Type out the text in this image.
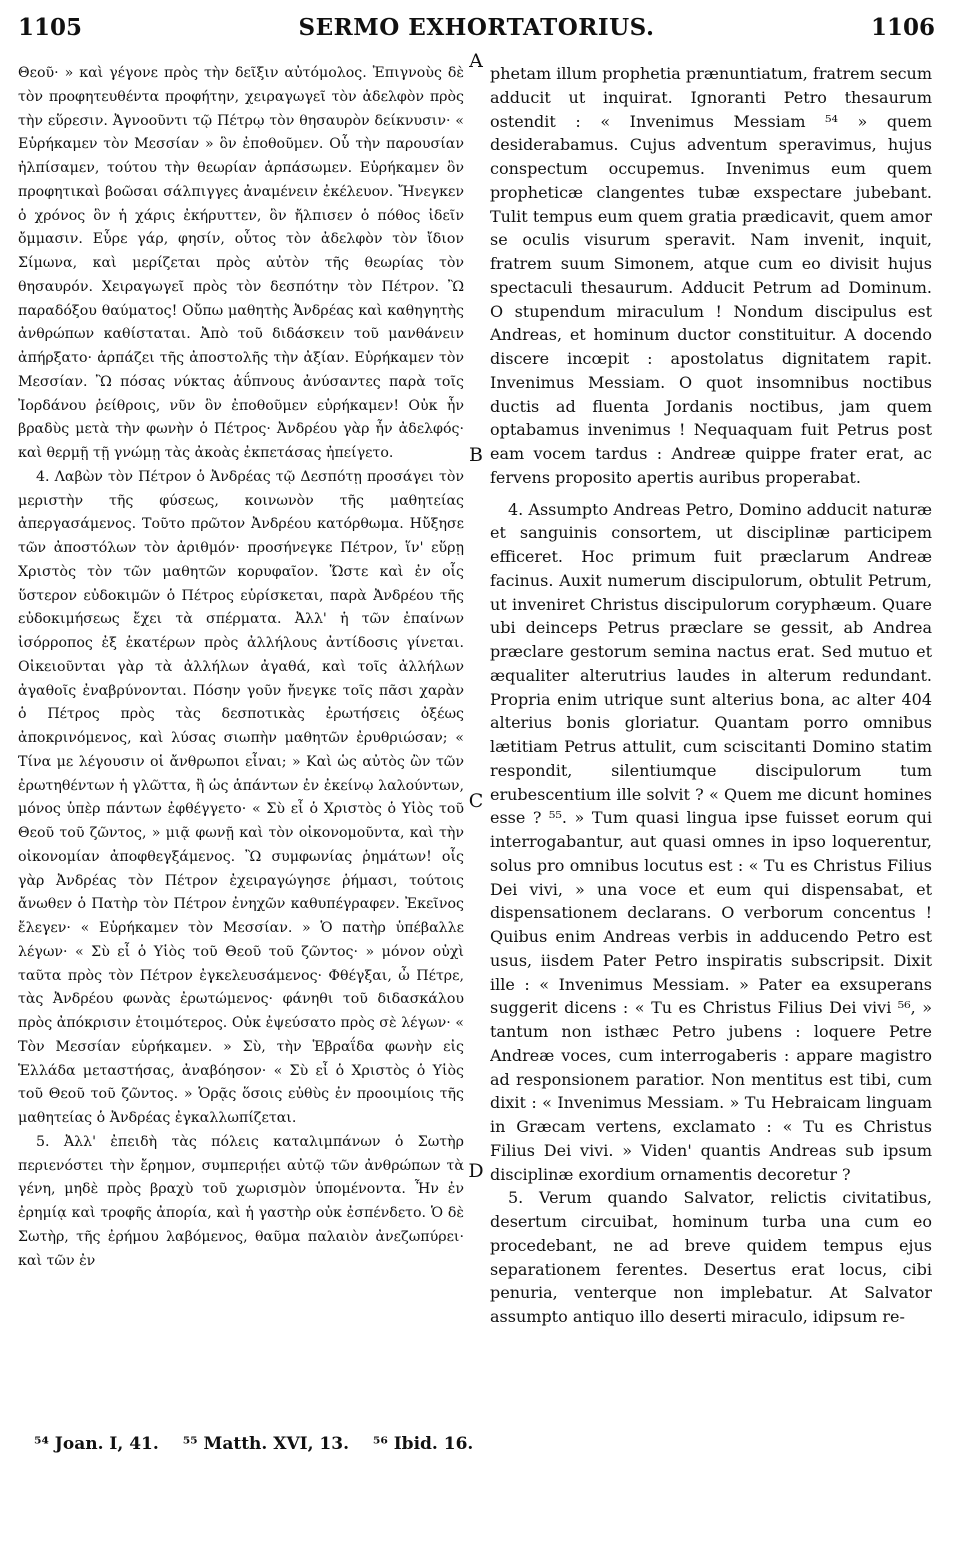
1105	SERMO EXHORTATORIUS.	1106

Θεοῦ· » καὶ γέγονε πρὸς τὴν δεῖξιν αὐτόμολος. Ἐπιγνοὺς δὲ τὸν προφητευθέντα προφήτην, χειραγωγεῖ τὸν ἀδελφὸν πρὸς τὴν εὕρεσιν. Ἀγνοοῦντι τῷ Πέτρῳ τὸν θησαυρὸν δείκνυσιν· « Εὑρήκαμεν τὸν Μεσσίαν » ὃν ἐποθοῦμεν. Οὗ τὴν παρουσίαν ἠλπίσαμεν, τούτου τὴν θεωρίαν ἁρπάσωμεν. Εὑρήκαμεν ὃν προφητικαὶ βοῶσαι σάλπιγγες ἀναμένειν ἐκέλευον. Ἤνεγκεν ὁ χρόνος ὃν ἡ χάρις ἐκήρυττεν, ὃν ἤλπισεν ὁ πόθος ἰδεῖν ὄμμασιν. Εὗρε γάρ, φησίν, οὗτος τὸν ἀδελφὸν τὸν ἴδιον Σίμωνα, καὶ μερίζεται πρὸς αὐτὸν τῆς θεωρίας τὸν θησαυρόν. Χειραγωγεῖ πρὸς τὸν δεσπότην τὸν Πέτρον. Ὢ παραδόξου θαύματος! Οὔπω μαθητὴς Ἀνδρέας καὶ καθηγητὴς ἀνθρώπων καθίσταται. Ἀπὸ τοῦ διδάσκειν τοῦ μανθάνειν ἀπήρξατο· ἁρπάζει τῆς ἀποστολῆς τὴν ἀξίαν. Εὑρήκαμεν τὸν Μεσσίαν. Ὢ πόσας νύκτας ἀΰπνους ἀνύσαντες παρὰ τοῖς Ἰορδάνου ῥείθροις, νῦν ὃν ἐποθοῦμεν εὑρήκαμεν! Οὐκ ἦν βραδὺς μετὰ τὴν φωνὴν ὁ Πέτρος· Ἀνδρέου γὰρ ἦν ἀδελφός· καὶ θερμῇ τῇ γνώμῃ τὰς ἀκοὰς ἐκπετάσας ἠπείγετο.

4. Λαβὼν τὸν Πέτρον ὁ Ἀνδρέας τῷ Δεσπότῃ προσάγει τὸν μεριστὴν τῆς φύσεως, κοινωνὸν τῆς μαθητείας ἀπεργασάμενος. Τοῦτο πρῶτον Ἀνδρέου κατόρθωμα. Ηὔξησε τῶν ἀποστόλων τὸν ἀριθμόν· προσήνεγκε Πέτρον, ἵν' εὕρῃ Χριστὸς τὸν τῶν μαθητῶν κορυφαῖον. Ὥστε καὶ ἐν οἷς ὕστερον εὐδοκιμῶν ὁ Πέτρος εὑρίσκεται, παρὰ Ἀνδρέου τῆς εὐδοκιμήσεως ἔχει τὰ σπέρματα. Ἀλλ' ἡ τῶν ἐπαίνων ἰσόρροπος ἐξ ἑκατέρων πρὸς ἀλλήλους ἀντίδοσις γίνεται. Οἰκειοῦνται γὰρ τὰ ἀλλήλων ἀγαθά, καὶ τοῖς ἀλλήλων ἀγαθοῖς ἐναβρύνονται. Πόσην γοῦν ἤνεγκε τοῖς πᾶσι χαρὰν ὁ Πέτρος πρὸς τὰς δεσποτικὰς ἐρωτήσεις ὀξέως ἀποκρινόμενος, καὶ λύσας σιωπὴν μαθητῶν ἐρυθριώσαν; « Τίνα με λέγουσιν οἱ ἄνθρωποι εἶναι; » Καὶ ὡς αὐτὸς ὢν τῶν ἐρωτηθέντων ἡ γλῶττα, ἢ ὡς ἁπάντων ἐν ἐκείνῳ λαλούντων, μόνος ὑπὲρ πάντων ἐφθέγγετο· « Σὺ εἶ ὁ Χριστὸς ὁ Υἱὸς τοῦ Θεοῦ τοῦ ζῶντος, » μιᾷ φωνῇ καὶ τὸν οἰκονομοῦντα, καὶ τὴν οἰκονομίαν ἀποφθεγξάμενος. Ὢ συμφωνίας ῥημάτων! οἷς γὰρ Ἀνδρέας τὸν Πέτρον ἐχειραγώγησε ῥήμασι, τούτοις ἄνωθεν ὁ Πατὴρ τὸν Πέτρον ἐνηχῶν καθυπέγραφεν. Ἐκεῖνος ἔλεγεν· « Εὑρήκαμεν τὸν Μεσσίαν. » Ὁ πατὴρ ὑπέβαλλε λέγων· « Σὺ εἶ ὁ Υἱὸς τοῦ Θεοῦ τοῦ ζῶντος· » μόνον οὐχὶ ταῦτα πρὸς τὸν Πέτρον ἐγκελευσάμενος· Φθέγξαι, ὦ Πέτρε, τὰς Ἀνδρέου φωνὰς ἐρωτώμενος· φάνηθι τοῦ διδασκάλου πρὸς ἀπόκρισιν ἑτοιμότερος. Οὐκ ἐψεύσατο πρὸς σὲ λέγων· « Τὸν Μεσσίαν εὑρήκαμεν. » Σὺ, τὴν Ἑβραΐδα φωνὴν εἰς Ἑλλάδα μεταστήσας, ἀναβόησον· « Σὺ εἶ ὁ Χριστὸς ὁ Υἱὸς τοῦ Θεοῦ τοῦ ζῶντος. » Ὁρᾷς ὅσοις εὐθὺς ἐν προοιμίοις τῆς μαθητείας ὁ Ἀνδρέας ἐγκαλλωπίζεται.

5. Ἀλλ' ἐπειδὴ τὰς πόλεις καταλιμπάνων ὁ Σωτὴρ περιενόστει τὴν ἔρημον, συμπεριῄει αὐτῷ τῶν ἀνθρώπων τὰ γένη, μηδὲ πρὸς βραχὺ τοῦ χωρισμὸν ὑπομένοντα. Ἦν ἐν ἐρημίᾳ καὶ τροφῆς ἀπορία, καὶ ἡ γαστὴρ οὐκ ἐσπένδετο. Ὁ δὲ Σωτὴρ, τῆς ἐρήμου λαβόμενος, θαῦμα παλαιὸν ἀνεζωπύρει· καὶ τῶν ἐν

A
B
C
D

phetam illum prophetia prænuntiatum, fratrem secum adducit ut inquirat. Ignoranti Petro thesaurum ostendit : « Invenimus Messiam ⁵⁴ » quem desiderabamus. Cujus adventum speravimus, hujus conspectum occupemus. Invenimus eum quem propheticæ clangentes tubæ exspectare jubebant. Tulit tempus eum quem gratia prædicavit, quem amor se oculis visurum speravit. Nam invenit, inquit, fratrem suum Simonem, atque cum eo divisit hujus spectaculi thesaurum. Adducit Petrum ad Dominum. O stupendum miraculum ! Nondum discipulus est Andreas, et hominum ductor constituitur. A docendo discere incœpit : apostolatus dignitatem rapit. Invenimus Messiam. O quot insomnibus noctibus ductis ad fluenta Jordanis noctibus, jam quem optabamus invenimus ! Nequaquam fuit Petrus post eam vocem tardus : Andreæ quippe frater erat, ac fervens proposito apertis auribus properabat.

4. Assumpto Andreas Petro, Domino adducit naturæ et sanguinis consortem, ut disciplinæ participem efficeret. Hoc primum fuit præclarum Andreæ facinus. Auxit numerum discipulorum, obtulit Petrum, ut inveniret Christus discipulorum coryphæum. Quare ubi deinceps Petrus præclare se gessit, ab Andrea præclare gestorum semina nactus erat. Sed mutuo et æqualiter alterutrius laudes in alterum redundant. Propria enim utrique sunt alterius bona, ac alter 404 alterius bonis gloriatur. Quantam porro omnibus lætitiam Petrus attulit, cum sciscitanti Domino statim respondit, silentiumque discipulorum tum erubescentium ille solvit ? « Quem me dicunt homines esse ? ⁵⁵. » Tum quasi lingua ipse fuisset eorum qui interrogabantur, aut quasi omnes in ipso loquerentur, solus pro omnibus locutus est : « Tu es Christus Filius Dei vivi, » una voce et eum qui dispensabat, et dispensationem declarans. O verborum concentus ! Quibus enim Andreas verbis in adducendo Petro est usus, iisdem Pater Petro inspiratis subscripsit. Dixit ille : « Invenimus Messiam. » Pater ea exsuperans suggerit dicens : « Tu es Christus Filius Dei vivi ⁵⁶, » tantum non isthæc Petro jubens : loquere Petre Andreæ voces, cum interrogaberis : appare magistro ad responsionem paratior. Non mentitus est tibi, cum dixit : « Invenimus Messiam. » Tu Hebraicam linguam in Græcam vertens, exclamato : « Tu es Christus Filius Dei vivi. » Viden' quantis Andreas sub ipsum disciplinæ exordium ornamentis decoretur ?

5. Verum quando Salvator, relictis civitatibus, desertum circuibat, hominum turba una cum eo procedebant, ne ad breve quidem tempus ejus separationem ferentes. Desertus erat locus, cibi penuria, venterque non implebatur. At Salvator assumpto antiquo illo deserti miraculo, idipsum re-

⁵⁴ Joan. I, 41. ⁵⁵ Matth. XVI, 13. ⁵⁶ Ibid. 16.
